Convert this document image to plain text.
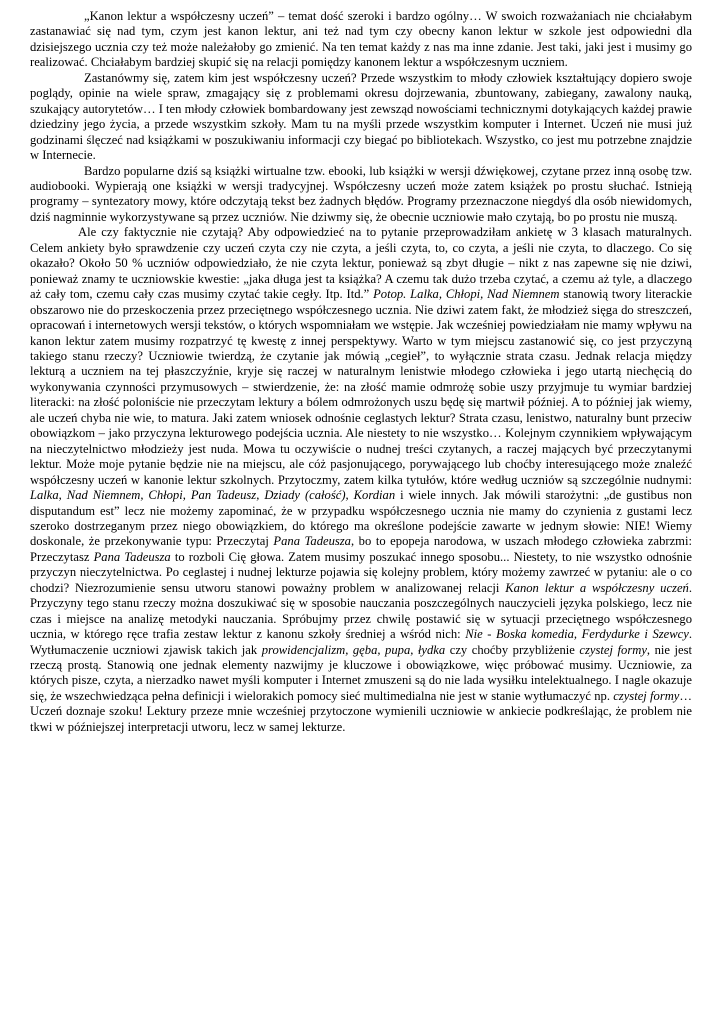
„Kanon lektur a współczesny uczeń” – temat dość szeroki i bardzo ogólny… W swoich rozważaniach nie chciałabym zastanawiać się nad tym, czym jest kanon lektur, ani też nad tym czy obecny kanon lektur w szkole jest odpowiedni dla dzisiejszego ucznia czy też może należałoby go zmienić. Na ten temat każdy z nas ma inne zdanie. Jest taki, jaki jest i musimy go realizować. Chciałabym bardziej skupić się na relacji pomiędzy kanonem lektur a współczesnym uczniem.

Zastanówmy się, zatem kim jest współczesny uczeń? Przede wszystkim to młody człowiek kształtujący dopiero swoje poglądy, opinie na wiele spraw, zmagający się z problemami okresu dojrzewania, zbuntowany, zabiegany, zawalony nauką, szukający autorytetów… I ten młody człowiek bombardowany jest zewsząd nowościami technicznymi dotykających każdej prawie dziedziny jego życia, a przede wszystkim szkoły. Mam tu na myśli przede wszystkim komputer i Internet. Uczeń nie musi już godzinami ślęczeć nad książkami w poszukiwaniu informacji czy biegać po bibliotekach. Wszystko, co jest mu potrzebne znajdzie w Internecie.

Bardzo popularne dziś są książki wirtualne tzw. ebooki, lub książki w wersji dźwiękowej, czytane przez inną osobę tzw. audiobooki. Wypierają one książki w wersji tradycyjnej. Współczesny uczeń może zatem książek po prostu słuchać. Istnieją programy – syntezatory mowy, które odczytają tekst bez żadnych błędów. Programy przeznaczone niegdyś dla osób niewidomych, dziś nagminnie wykorzystywane są przez uczniów. Nie dziwmy się, że obecnie uczniowie mało czytają, bo po prostu nie muszą.

Ale czy faktycznie nie czytają? Aby odpowiedzieć na to pytanie przeprowadziłam ankietę w 3 klasach maturalnych. Celem ankiety było sprawdzenie czy uczeń czyta czy nie czyta, a jeśli czyta, to, co czyta, a jeśli nie czyta, to dlaczego. Co się okazało? Około 50 % uczniów odpowiedziało, że nie czyta lektur, ponieważ są zbyt długie – nikt z nas zapewne się nie dziwi, ponieważ znamy te uczniowskie kwestie: „jaka długa jest ta książka? A czemu tak dużo trzeba czytać, a czemu aż tyle, a dlaczego aż cały tom, czemu cały czas musimy czytać takie cegły. Itp. Itd.” Potop. Lalka, Chłopi, Nad Niemnem stanowią twory literackie obszarowo nie do przeskoczenia przez przeciętnego współczesnego ucznia. Nie dziwi zatem fakt, że młodzież sięga do streszczeń, opracowań i internetowych wersji tekstów, o których wspomniałam we wstępie. Jak wcześniej powiedziałam nie mamy wpływu na kanon lektur zatem musimy rozpatrzyć tę kwestę z innej perspektywy. Warto w tym miejscu zastanowić się, co jest przyczyną takiego stanu rzeczy? Uczniowie twierdzą, że czytanie jak mówią „cegieł”, to wyłącznie strata czasu. Jednak relacja między lekturą a uczniem na tej płaszczyźnie, kryje się raczej w naturalnym lenistwie młodego człowieka i jego utartą niechęcią do wykonywania czynności przymusowych – stwierdzenie, że: na złość mamie odmrożę sobie uszy przyjmuje tu wymiar bardziej literacki: na złość poloniście nie przeczytam lektury a bólem odmrożonych uszu będę się martwił później. A to później jak wiemy, ale uczeń chyba nie wie, to matura. Jaki zatem wniosek odnośnie ceglastych lektur? Strata czasu, lenistwo, naturalny bunt przeciw obowiązkom – jako przyczyna lekturowego podejścia ucznia. Ale niestety to nie wszystko… Kolejnym czynnikiem wpływającym na nieczytelnictwo młodzieży jest nuda. Mowa tu oczywiście o nudnej treści czytanych, a raczej mających być przeczytanymi lektur. Może moje pytanie będzie nie na miejscu, ale cóż pasjonującego, porywającego lub choćby interesującego może znaleźć współczesny uczeń w kanonie lektur szkolnych. Przytoczmy, zatem kilka tytułów, które według uczniów są szczególnie nudnymi: Lalka, Nad Niemnem, Chłopi, Pan Tadeusz, Dziady (całość), Kordian i wiele innych. Jak mówili starożytni: „de gustibus non disputandum est” lecz nie możemy zapominać, że w przypadku współczesnego ucznia nie mamy do czynienia z gustami lecz szeroko dostrzeganym przez niego obowiązkiem, do którego ma określone podejście zawarte w jednym słowie: NIE! Wiemy doskonale, że przekonywanie typu: Przeczytaj Pana Tadeusza, bo to epopeja narodowa, w uszach młodego człowieka zabrzmi: Przeczytasz Pana Tadeusza to rozboli Cię głowa. Zatem musimy poszukać innego sposobu... Niestety, to nie wszystko odnośnie przyczyn nieczytelnictwa. Po ceglastej i nudnej lekturze pojawia się kolejny problem, który możemy zawrzeć w pytaniu: ale o co chodzi? Niezrozumienie sensu utworu stanowi poważny problem w analizowanej relacji Kanon lektur a współczesny uczeń. Przyczyny tego stanu rzeczy można doszukiwać się w sposobie nauczania poszczególnych nauczycieli języka polskiego, lecz nie czas i miejsce na analizę metodyki nauczania. Spróbujmy przez chwilę postawić się w sytuacji przeciętnego współczesnego ucznia, w którego ręce trafia zestaw lektur z kanonu szkoły średniej a wśród nich: Nie - Boska komedia, Ferdydurke i Szewcy. Wytłumaczenie uczniowi zjawisk takich jak prowidencjalizm, gęba, pupa, łydka czy choćby przybliżenie czystej formy, nie jest rzeczą prostą. Stanowią one jednak elementy nazwijmy je kluczowe i obowiązkowe, więc próbować musimy. Uczniowie, za których pisze, czyta, a nierzadko nawet myśli komputer i Internet zmuszeni są do nie lada wysiłku intelektualnego. I nagle okazuje się, że wszechwiedząca pełna definicji i wielorakich pomocy sieć multimedialna nie jest w stanie wytłumaczyć np. czystej formy…Uczeń doznaje szoku! Lektury przeze mnie wcześniej przytoczone wymienili uczniowie w ankiecie podkreślając, że problem nie tkwi w późniejszej interpretacji utworu, lecz w samej lekturze.
